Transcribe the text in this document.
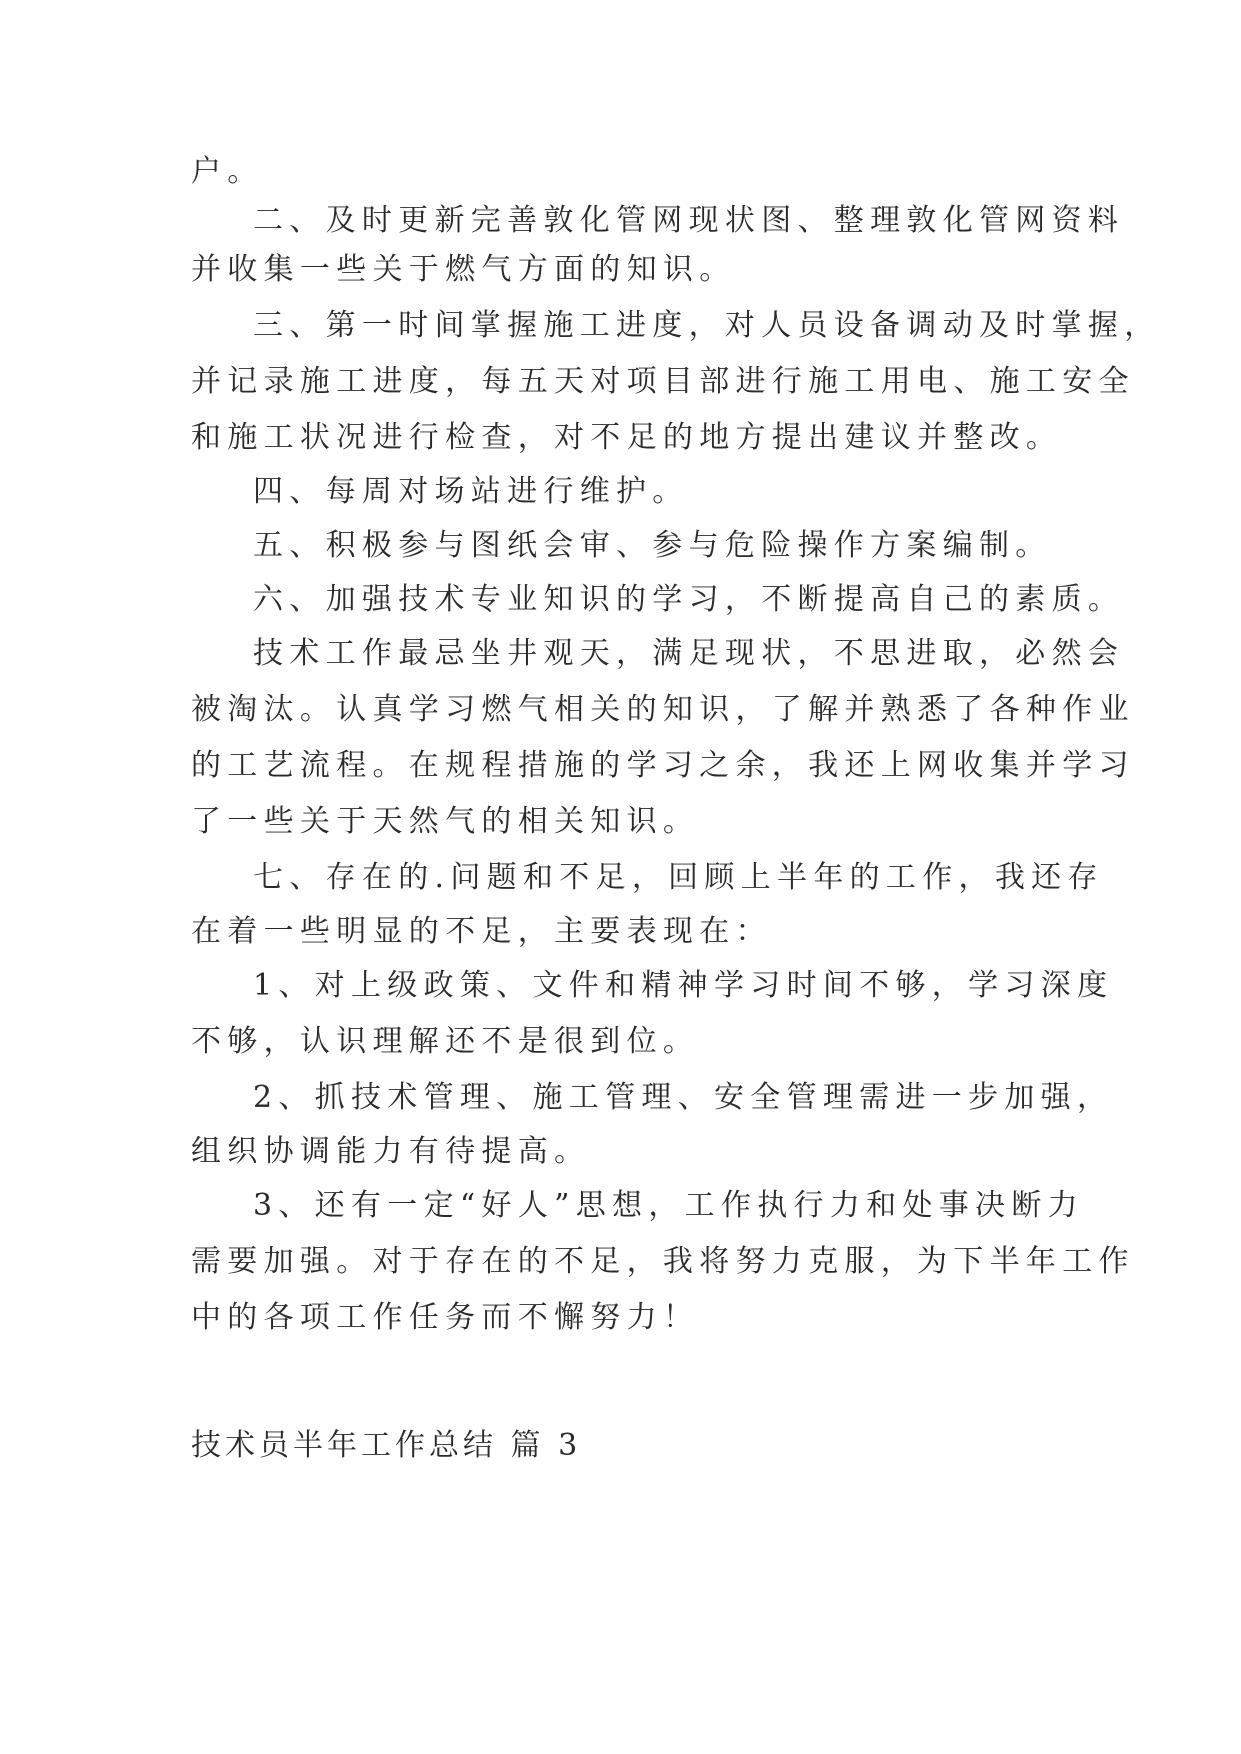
户。
二、及时更新完善敦化管网现状图、整理敦化管网资料
并收集一些关于燃气方面的知识。
三、第一时间掌握施工进度，对人员设备调动及时掌握，
并记录施工进度，每五天对项目部进行施工用电、施工安全
和施工状况进行检查，对不足的地方提出建议并整改。
四、每周对场站进行维护。
五、积极参与图纸会审、参与危险操作方案编制。
六、加强技术专业知识的学习，不断提高自己的素质。
技术工作最忌坐井观天，满足现状，不思进取，必然会
被淘汰。认真学习燃气相关的知识，了解并熟悉了各种作业
的工艺流程。在规程措施的学习之余，我还上网收集并学习
了一些关于天然气的相关知识。
七、存在的.问题和不足，回顾上半年的工作，我还存
在着一些明显的不足，主要表现在：
1、对上级政策、文件和精神学习时间不够，学习深度
不够，认识理解还不是很到位。
2、抓技术管理、施工管理、安全管理需进一步加强，
组织协调能力有待提高。
3、还有一定“好人”思想，工作执行力和处事决断力
需要加强。对于存在的不足，我将努力克服，为下半年工作
中的各项工作任务而不懈努力！
技术员半年工作总结 篇 3
